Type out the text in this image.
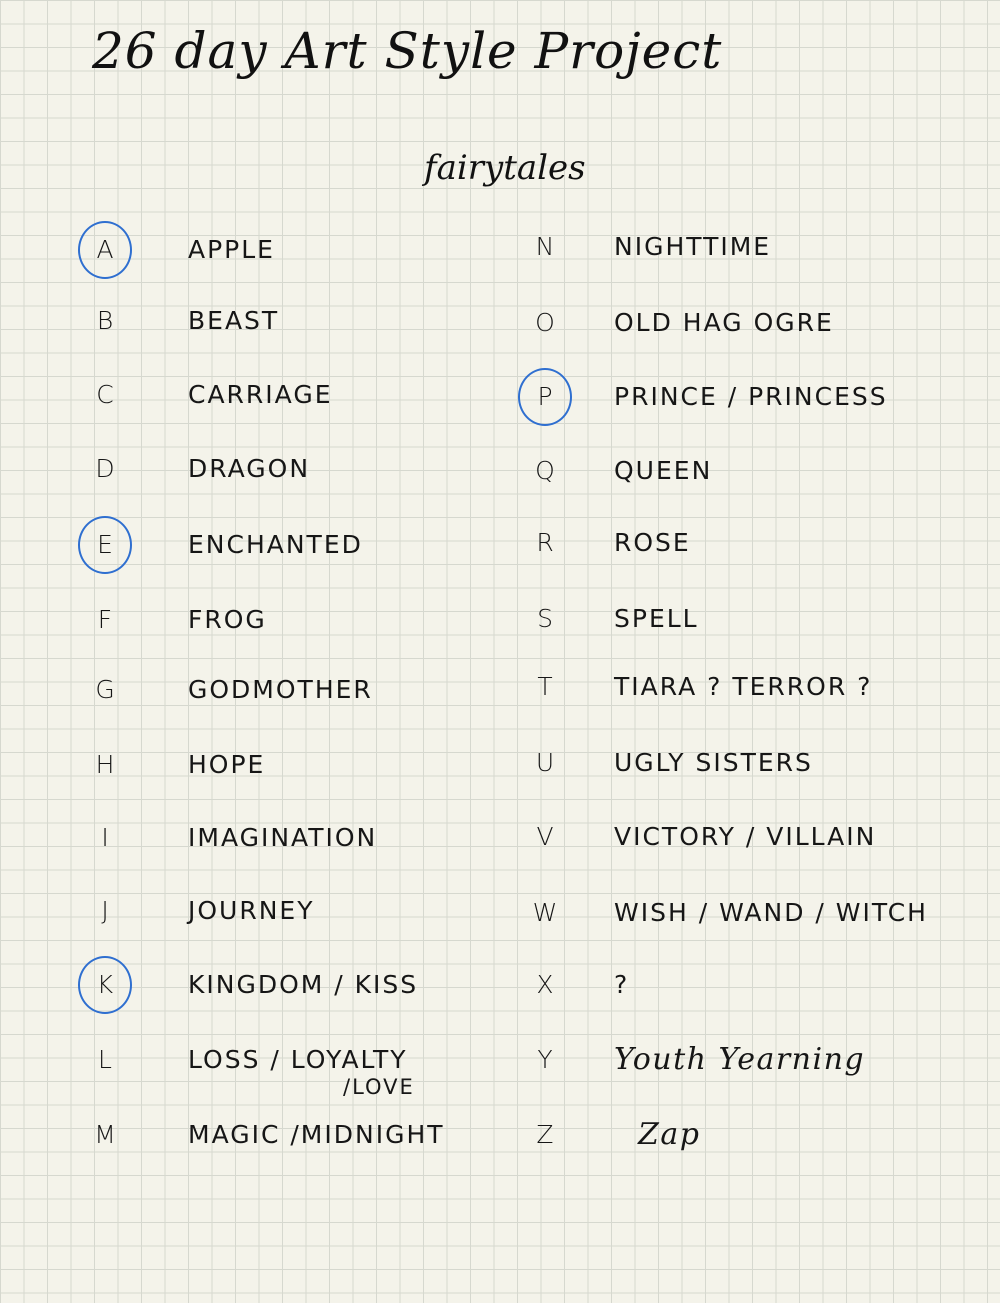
26 day Art Style Project
fairytales
A	APPLE
B	BEAST
C	CARRIAGE
D	DRAGON
E	ENCHANTED
F	FROG
G	GODMOTHER
H	HOPE
I	IMAGINATION
J	JOURNEY
K	KINGDOM / KISS
L	LOSS / LOYALTY
/LOVE
M	MAGIC /MIDNIGHT
N	NIGHTTIME
O	OLD HAG OGRE
P	PRINCE / PRINCESS
Q	QUEEN
R	ROSE
S	SPELL
T	TIARA ? TERROR ?
U	UGLY SISTERS
V	VICTORY / VILLAIN
W	WISH / WAND / WITCH
X	?
Y	Youth Yearning
Z	Zap
